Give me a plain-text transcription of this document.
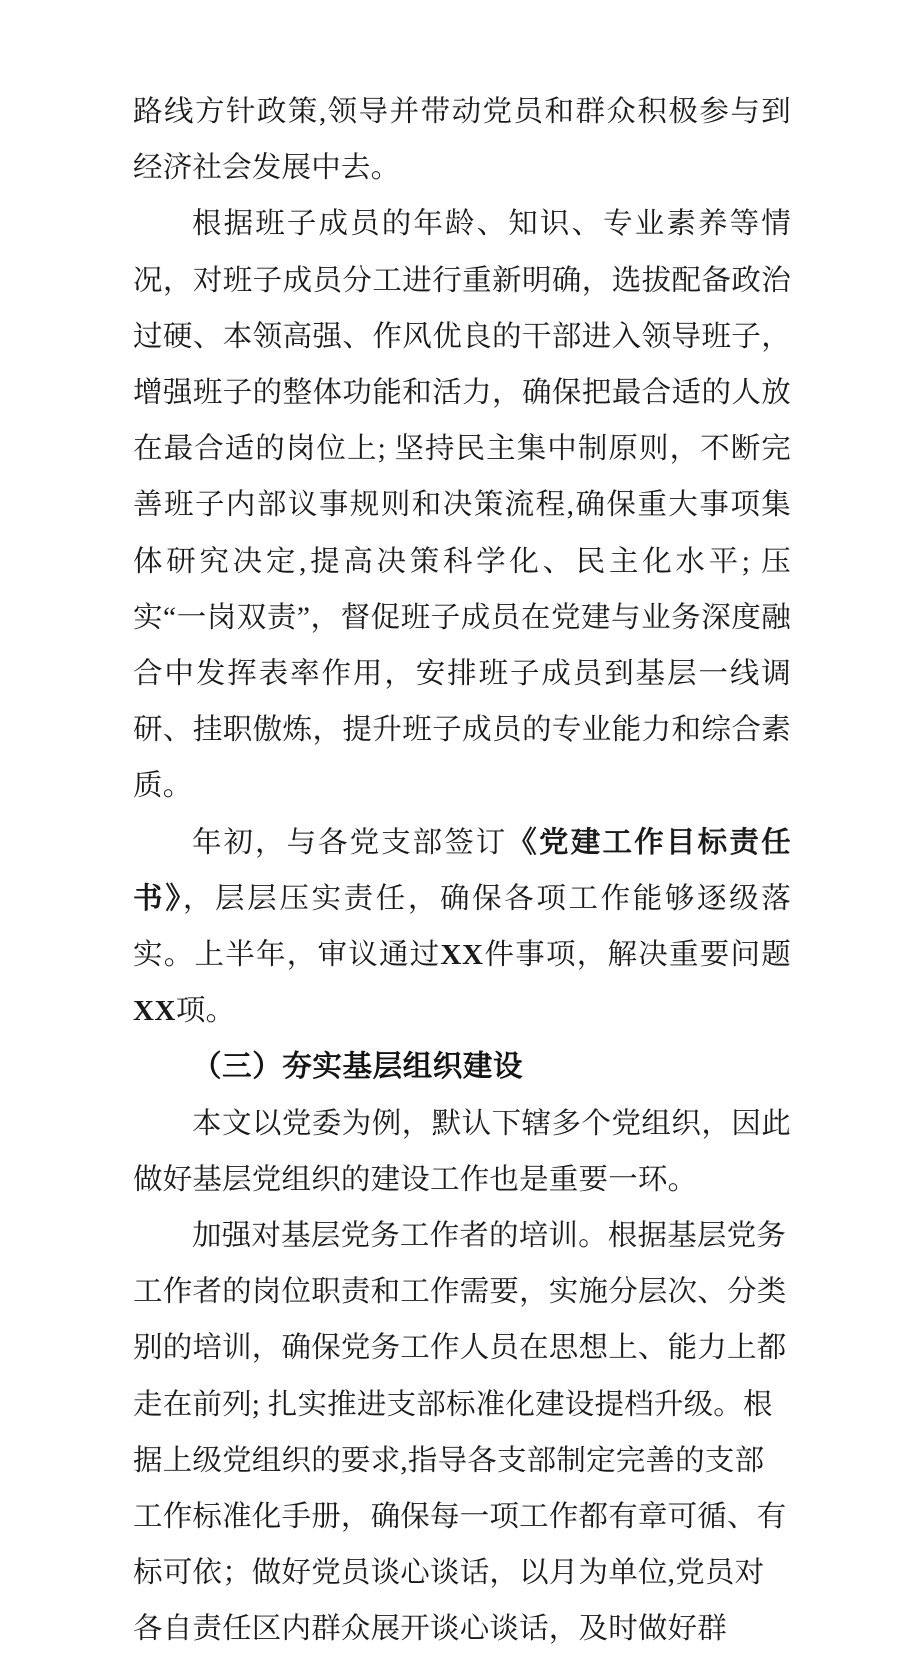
路线方针政策,领导并带动党员和群众积极参与到经济社会发展中去。

根据班子成员的年龄、知识、专业素养等情况，对班子成员分工进行重新明确，选拔配备政治过硬、本领高强、作风优良的干部进入领导班子，增强班子的整体功能和活力，确保把最合适的人放在最合适的岗位上; 坚持民主集中制原则，不断完善班子内部议事规则和决策流程,确保重大事项集体研究决定,提高决策科学化、民主化水平; 压实“一岗双责”，督促班子成员在党建与业务深度融合中发挥表率作用，安排班子成员到基层一线调研、挂职傲炼，提升班子成员的专业能力和综合素质。

年初，与各党支部签订《党建工作目标责任书》，层层压实责任，确保各项工作能够逐级落实。上半年，审议通过XX件事项，解决重要问题XX项。

（三）夯实基层组织建设

本文以党委为例，默认下辖多个党组织，因此做好基层党组织的建设工作也是重要一环。

加强对基层党务工作者的培训。根据基层党务工作者的岗位职责和工作需要，实施分层次、分类别的培训，确保党务工作人员在思想上、能力上都走在前列; 扎实推进支部标准化建设提档升级。根据上级党组织的要求,指导各支部制定完善的支部工作标准化手册，确保每一项工作都有章可循、有标可依；做好党员谈心谈话，以月为单位,党员对各自责任区内群众展开谈心谈话，及时做好群
